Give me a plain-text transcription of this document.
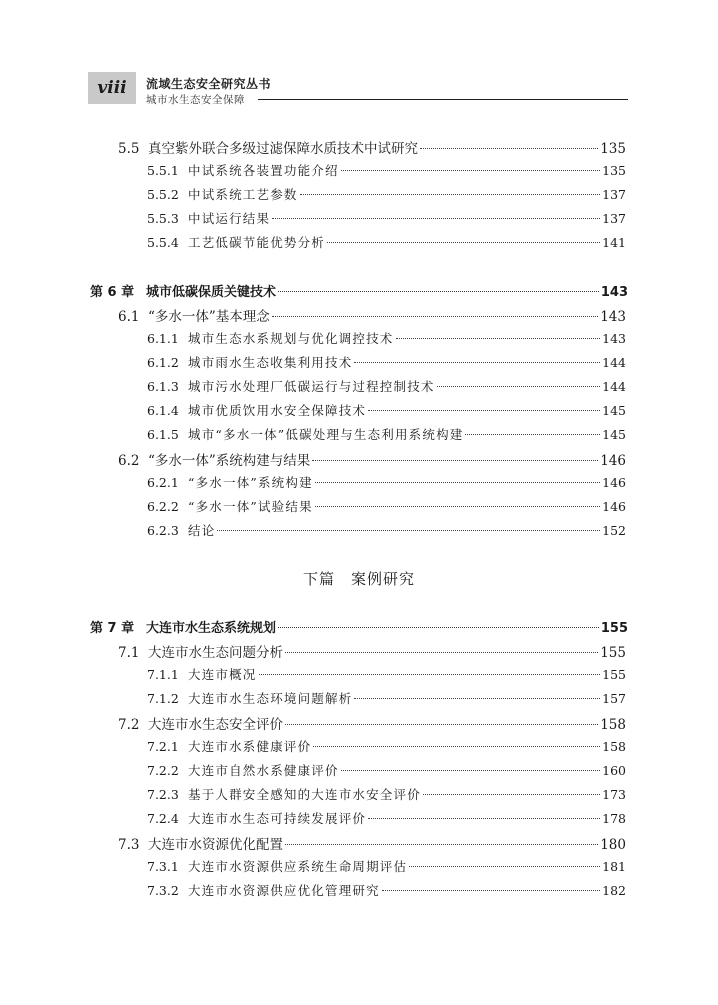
viii	流域生态安全研究丛书
城市水生态安全保障
5.5 真空紫外联合多级过滤保障水质技术中试研究	135
5.5.1 中试系统各装置功能介绍	135
5.5.2 中试系统工艺参数	137
5.5.3 中试运行结果	137
5.5.4 工艺低碳节能优势分析	141
第 6 章 城市低碳保质关键技术	143
6.1 “多水一体”基本理念	143
6.1.1 城市生态水系规划与优化调控技术	143
6.1.2 城市雨水生态收集利用技术	144
6.1.3 城市污水处理厂低碳运行与过程控制技术	144
6.1.4 城市优质饮用水安全保障技术	145
6.1.5 城市“多水一体”低碳处理与生态利用系统构建	145
6.2 “多水一体”系统构建与结果	146
6.2.1 “多水一体”系统构建	146
6.2.2 “多水一体”试验结果	146
6.2.3 结论	152
下篇　案例研究
第 7 章 大连市水生态系统规划	155
7.1 大连市水生态问题分析	155
7.1.1 大连市概况	155
7.1.2 大连市水生态环境问题解析	157
7.2 大连市水生态安全评价	158
7.2.1 大连市水系健康评价	158
7.2.2 大连市自然水系健康评价	160
7.2.3 基于人群安全感知的大连市水安全评价	173
7.2.4 大连市水生态可持续发展评价	178
7.3 大连市水资源优化配置	180
7.3.1 大连市水资源供应系统生命周期评估	181
7.3.2 大连市水资源供应优化管理研究	182
